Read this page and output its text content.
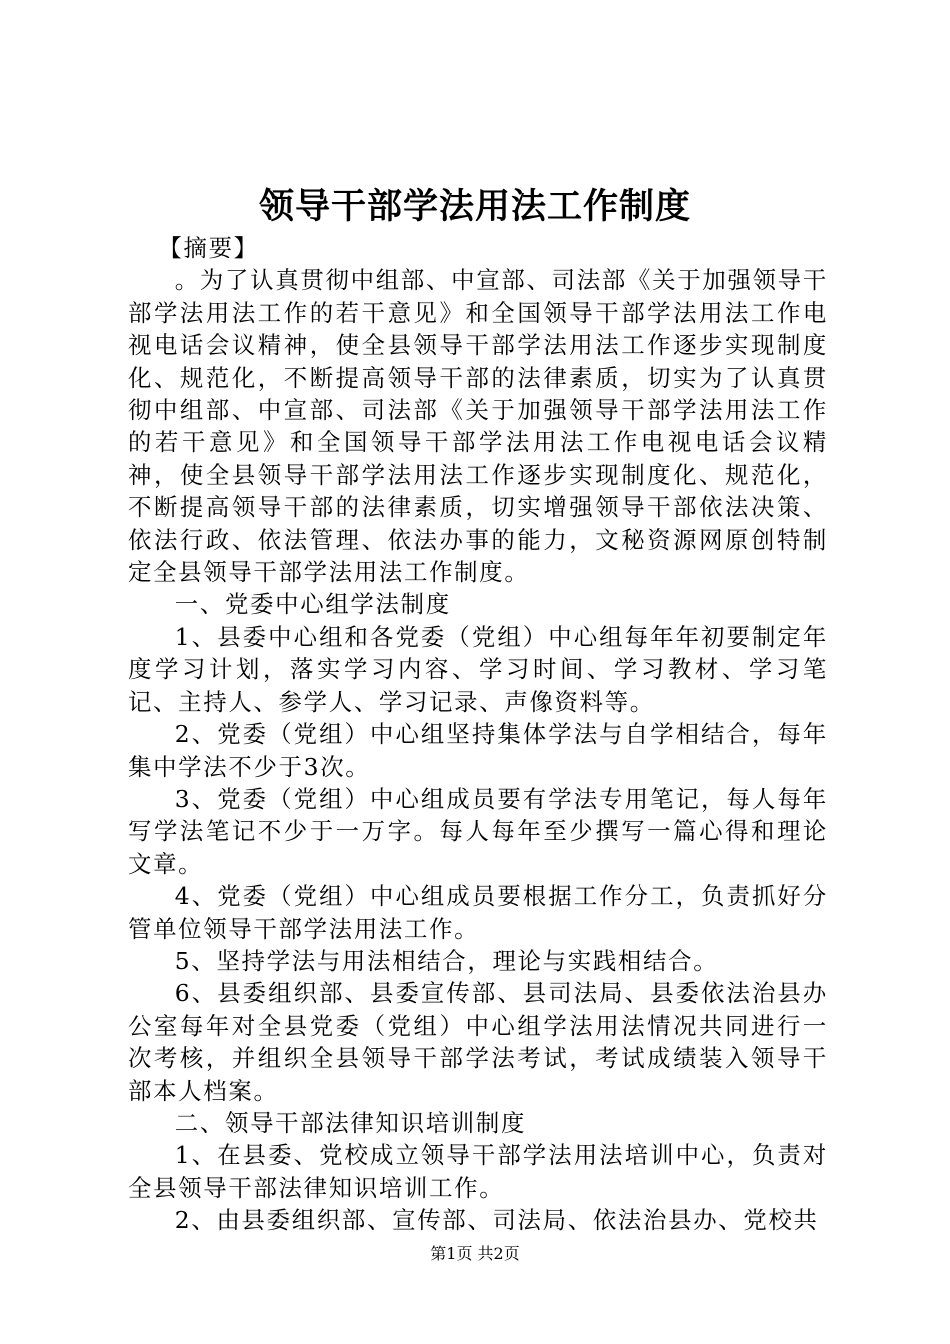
领导干部学法用法工作制度

【摘要】

。为了认真贯彻中组部、中宣部、司法部《关于加强领导干部学法用法工作的若干意见》和全国领导干部学法用法工作电视电话会议精神，使全县领导干部学法用法工作逐步实现制度化、规范化，不断提高领导干部的法律素质，切实为了认真贯彻中组部、中宣部、司法部《关于加强领导干部学法用法工作的若干意见》和全国领导干部学法用法工作电视电话会议精神，使全县领导干部学法用法工作逐步实现制度化、规范化，不断提高领导干部的法律素质，切实增强领导干部依法决策、依法行政、依法管理、依法办事的能力，文秘资源网原创特制定全县领导干部学法用法工作制度。

一、党委中心组学法制度

1、县委中心组和各党委（党组）中心组每年年初要制定年度学习计划，落实学习内容、学习时间、学习教材、学习笔记、主持人、参学人、学习记录、声像资料等。

2、党委（党组）中心组坚持集体学法与自学相结合，每年集中学法不少于3次。

3、党委（党组）中心组成员要有学法专用笔记，每人每年写学法笔记不少于一万字。每人每年至少撰写一篇心得和理论文章。

4、党委（党组）中心组成员要根据工作分工，负责抓好分管单位领导干部学法用法工作。

5、坚持学法与用法相结合，理论与实践相结合。

6、县委组织部、县委宣传部、县司法局、县委依法治县办公室每年对全县党委（党组）中心组学法用法情况共同进行一次考核，并组织全县领导干部学法考试，考试成绩装入领导干部本人档案。

二、领导干部法律知识培训制度

1、在县委、党校成立领导干部学法用法培训中心，负责对全县领导干部法律知识培训工作。

2、由县委组织部、宣传部、司法局、依法治县办、党校共

第1页 共2页
